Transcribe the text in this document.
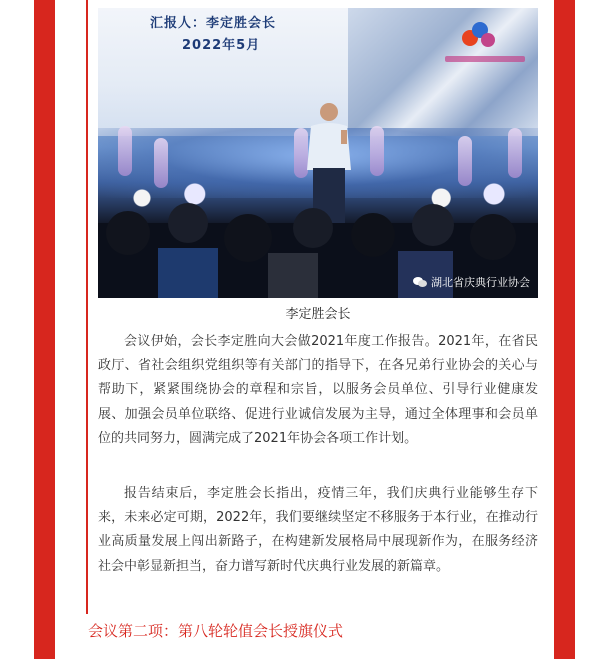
汇报人：李定胜会长
2022年5月
湖北省庆典行业协会
李定胜会长

会议伊始，会长李定胜向大会做2021年度工作报告。2021年，在省民政厅、省社会组织党组织等有关部门的指导下，在各兄弟行业协会的关心与帮助下，紧紧围绕协会的章程和宗旨，以服务会员单位、引导行业健康发展、加强会员单位联络、促进行业诚信发展为主导，通过全体理事和会员单位的共同努力，圆满完成了2021年协会各项工作计划。

报告结束后，李定胜会长指出，疫情三年，我们庆典行业能够生存下来，未来必定可期，2022年，我们要继续坚定不移服务于本行业，在推动行业高质量发展上闯出新路子，在构建新发展格局中展现新作为，在服务经济社会中彰显新担当，奋力谱写新时代庆典行业发展的新篇章。

会议第二项：第八轮轮值会长授旗仪式
